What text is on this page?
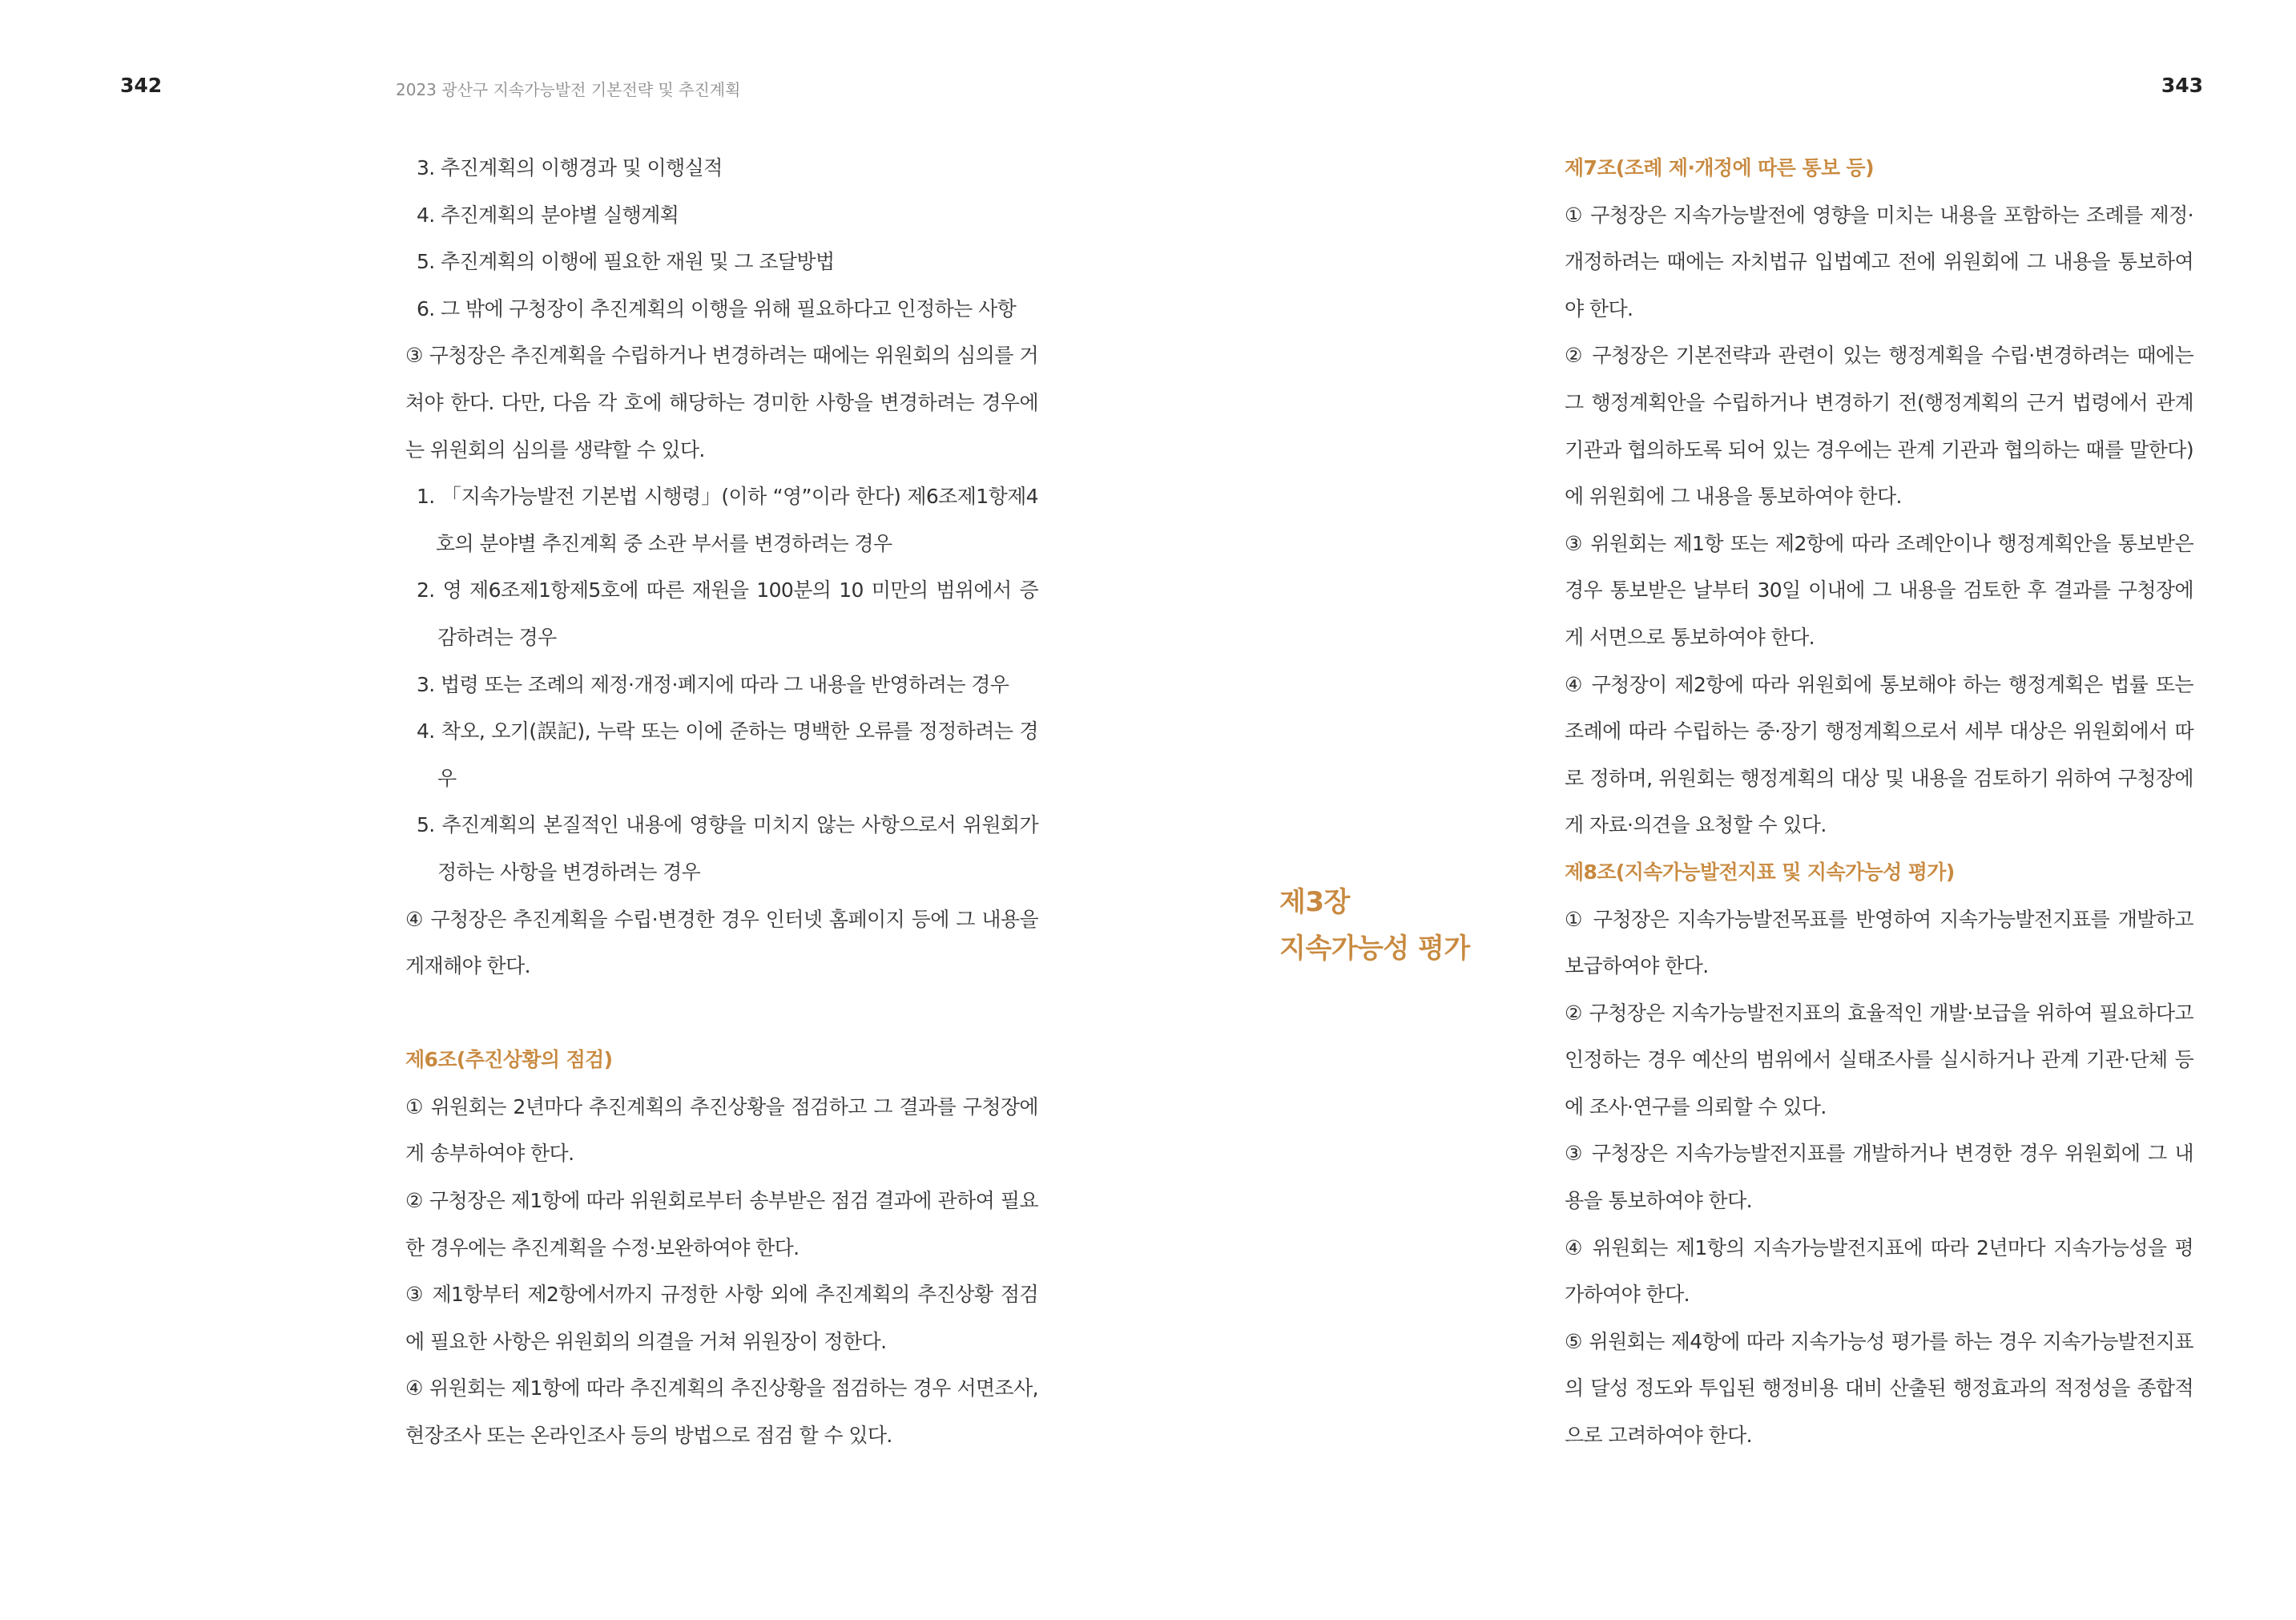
342	2023 광산구 지속가능발전 기본전략 및 추진계획	343

3. 추진계획의 이행경과 및 이행실적

4. 추진계획의 분야별 실행계획

5. 추진계획의 이행에 필요한 재원 및 그 조달방법

6. 그 밖에 구청장이 추진계획의 이행을 위해 필요하다고 인정하는 사항

③ 구청장은 추진계획을 수립하거나 변경하려는 때에는 위원회의 심의를 거쳐야 한다. 다만, 다음 각 호에 해당하는 경미한 사항을 변경하려는 경우에는 위원회의 심의를 생략할 수 있다.

1. 「지속가능발전 기본법 시행령」(이하 “영”이라 한다) 제6조제1항제4호의 분야별 추진계획 중 소관 부서를 변경하려는 경우

2. 영 제6조제1항제5호에 따른 재원을 100분의 10 미만의 범위에서 증감하려는 경우

3. 법령 또는 조례의 제정·개정·폐지에 따라 그 내용을 반영하려는 경우

4. 착오, 오기(誤記), 누락 또는 이에 준하는 명백한 오류를 정정하려는 경우

5. 추진계획의 본질적인 내용에 영향을 미치지 않는 사항으로서 위원회가 정하는 사항을 변경하려는 경우

④ 구청장은 추진계획을 수립·변경한 경우 인터넷 홈페이지 등에 그 내용을 게재해야 한다.

제6조(추진상황의 점검)

① 위원회는 2년마다 추진계획의 추진상황을 점검하고 그 결과를 구청장에게 송부하여야 한다.

② 구청장은 제1항에 따라 위원회로부터 송부받은 점검 결과에 관하여 필요한 경우에는 추진계획을 수정·보완하여야 한다.

③ 제1항부터 제2항에서까지 규정한 사항 외에 추진계획의 추진상황 점검에 필요한 사항은 위원회의 의결을 거쳐 위원장이 정한다.

④ 위원회는 제1항에 따라 추진계획의 추진상황을 점검하는 경우 서면조사, 현장조사 또는 온라인조사 등의 방법으로 점검 할 수 있다.

제3장
지속가능성 평가

제7조(조례 제·개정에 따른 통보 등)

① 구청장은 지속가능발전에 영향을 미치는 내용을 포함하는 조례를 제정·개정하려는 때에는 자치법규 입법예고 전에 위원회에 그 내용을 통보하여야 한다.

② 구청장은 기본전략과 관련이 있는 행정계획을 수립·변경하려는 때에는 그 행정계획안을 수립하거나 변경하기 전(행정계획의 근거 법령에서 관계 기관과 협의하도록 되어 있는 경우에는 관계 기관과 협의하는 때를 말한다)에 위원회에 그 내용을 통보하여야 한다.

③ 위원회는 제1항 또는 제2항에 따라 조례안이나 행정계획안을 통보받은 경우 통보받은 날부터 30일 이내에 그 내용을 검토한 후 결과를 구청장에게 서면으로 통보하여야 한다.

④ 구청장이 제2항에 따라 위원회에 통보해야 하는 행정계획은 법률 또는 조례에 따라 수립하는 중·장기 행정계획으로서 세부 대상은 위원회에서 따로 정하며, 위원회는 행정계획의 대상 및 내용을 검토하기 위하여 구청장에게 자료·의견을 요청할 수 있다.

제8조(지속가능발전지표 및 지속가능성 평가)

① 구청장은 지속가능발전목표를 반영하여 지속가능발전지표를 개발하고 보급하여야 한다.

② 구청장은 지속가능발전지표의 효율적인 개발·보급을 위하여 필요하다고 인정하는 경우 예산의 범위에서 실태조사를 실시하거나 관계 기관·단체 등에 조사·연구를 의뢰할 수 있다.

③ 구청장은 지속가능발전지표를 개발하거나 변경한 경우 위원회에 그 내용을 통보하여야 한다.

④ 위원회는 제1항의 지속가능발전지표에 따라 2년마다 지속가능성을 평가하여야 한다.

⑤ 위원회는 제4항에 따라 지속가능성 평가를 하는 경우 지속가능발전지표의 달성 정도와 투입된 행정비용 대비 산출된 행정효과의 적정성을 종합적으로 고려하여야 한다.
